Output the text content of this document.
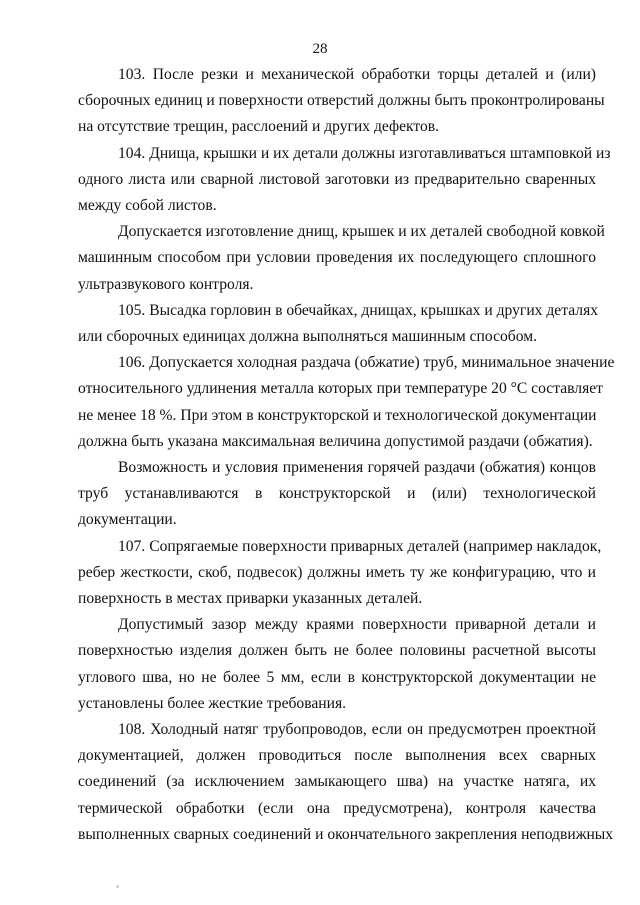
28

103. После резки и механической обработки торцы деталей и (или)
сборочных единиц и поверхности отверстий должны быть проконтролированы
на отсутствие трещин, расслоений и других дефектов.

104. Днища, крышки и их детали должны изготавливаться штамповкой из
одного листа или сварной листовой заготовки из предварительно сваренных
между собой листов.

Допускается изготовление днищ, крышек и их деталей свободной ковкой
машинным способом при условии проведения их последующего сплошного
ультразвукового контроля.

105. Высадка горловин в обечайках, днищах, крышках и других деталях
или сборочных единицах должна выполняться машинным способом.

106. Допускается холодная раздача (обжатие) труб, минимальное значение
относительного удлинения металла которых при температуре 20 °С составляет
не менее 18 %. При этом в конструкторской и технологической документации
должна быть указана максимальная величина допустимой раздачи (обжатия).

Возможность и условия применения горячей раздачи (обжатия) концов
труб устанавливаются в конструкторской и (или) технологической
документации.

107. Сопрягаемые поверхности приварных деталей (например накладок,
ребер жесткости, скоб, подвесок) должны иметь ту же конфигурацию, что и
поверхность в местах приварки указанных деталей.

Допустимый зазор между краями поверхности приварной детали и
поверхностью изделия должен быть не более половины расчетной высоты
углового шва, но не более 5 мм, если в конструкторской документации не
установлены более жесткие требования.

108. Холодный натяг трубопроводов, если он предусмотрен проектной
документацией, должен проводиться после выполнения всех сварных
соединений (за исключением замыкающего шва) на участке натяга, их
термической обработки (если она предусмотрена), контроля качества
выполненных сварных соединений и окончательного закрепления неподвижных
